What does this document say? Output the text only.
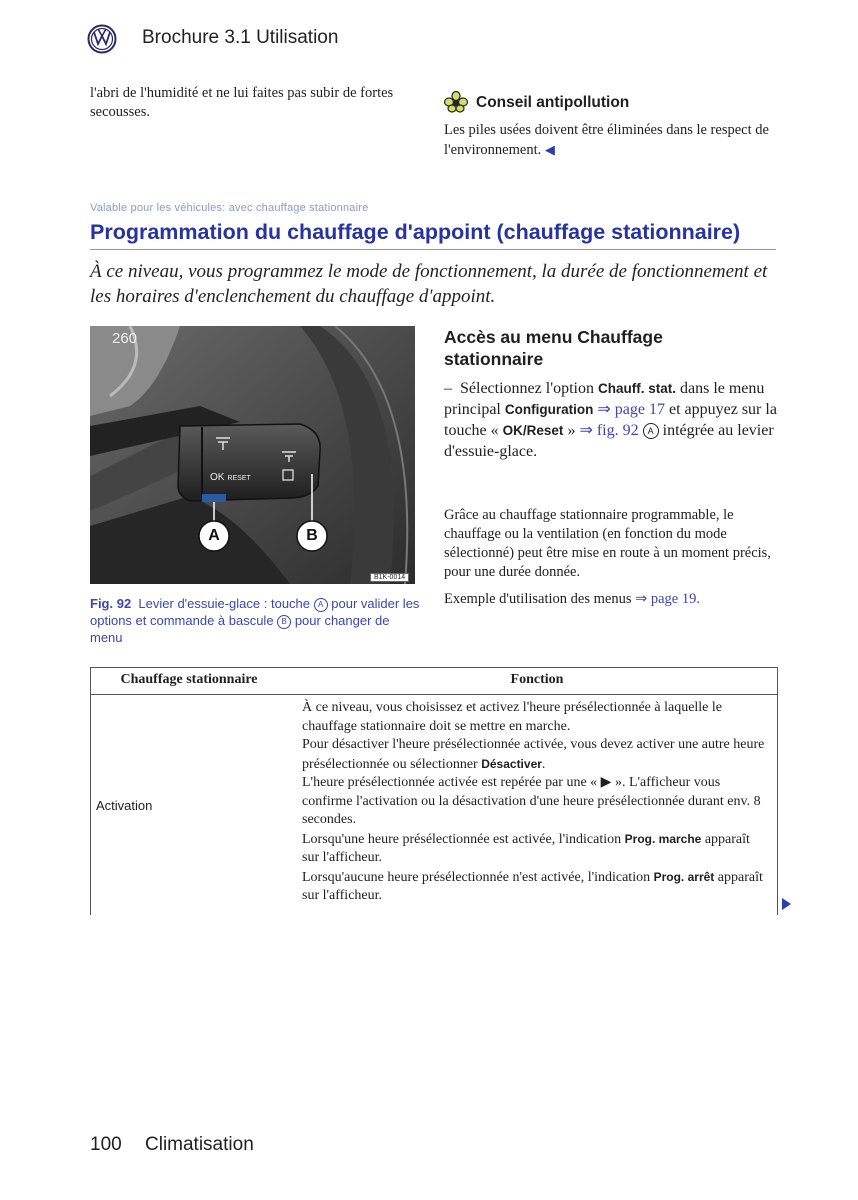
Brochure 3.1 Utilisation
l'abri de l'humidité et ne lui faites pas subir de fortes secousses.
Conseil antipollution
Les piles usées doivent être éliminées dans le respect de l'environnement. ◀
Valable pour les véhicules: avec chauffage stationnaire
Programmation du chauffage d'appoint (chauffage stationnaire)
À ce niveau, vous programmez le mode de fonctionnement, la durée de fonctionnement et les horaires d'enclenchement du chauffage d'appoint.
260
OK RESET
A	B
B1K-0014
Fig. 92 Levier d'essuie-glace : touche A pour valider les options et commande à bascule B pour changer de menu
Accès au menu Chauffage stationnaire
– Sélectionnez l'option Chauff. stat. dans le menu principal Configuration ⇒ page 17 et appuyez sur la touche « OK/Reset » ⇒ fig. 92 A intégrée au levier d'essuie-glace.
Grâce au chauffage stationnaire programmable, le chauffage ou la ventilation (en fonction du mode sélectionné) peut être mise en route à un moment précis, pour une durée donnée.
Exemple d'utilisation des menus ⇒ page 19.
Chauffage stationnaire	Fonction
Activation

À ce niveau, vous choisissez et activez l'heure présélectionnée à laquelle le chauffage stationnaire doit se mettre en marche.

Pour désactiver l'heure présélectionnée activée, vous devez activer une autre heure présélectionnée ou sélectionner Désactiver.

L'heure présélectionnée activée est repérée par une « ▶ ». L'afficheur vous confirme l'activation ou la désactivation d'une heure présélectionnée durant env. 8 secondes.

Lorsqu'une heure présélectionnée est activée, l'indication Prog. marche apparaît sur l'afficheur.

Lorsqu'aucune heure présélectionnée n'est activée, l'indication Prog. arrêt apparaît sur l'afficheur.

100 Climatisation
